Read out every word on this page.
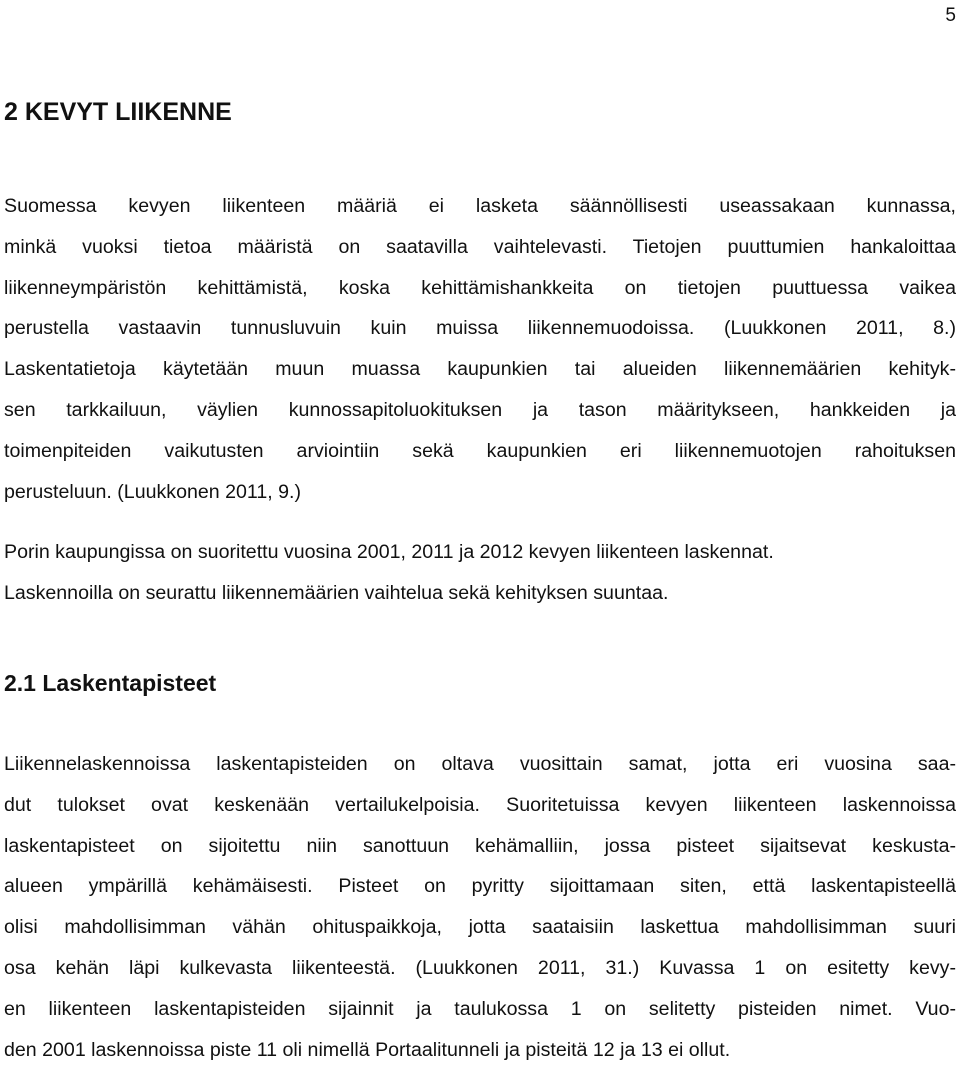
5
2 KEVYT LIIKENNE
Suomessa kevyen liikenteen määriä ei lasketa säännöllisesti useassakaan kunnassa,
minkä vuoksi tietoa määristä on saatavilla vaihtelevasti. Tietojen puuttumien hankaloittaa
liikenneympäristön kehittämistä, koska kehittämishankkeita on tietojen puuttuessa vaikea
perustella vastaavin tunnusluvuin kuin muissa liikennemuodoissa. (Luukkonen 2011, 8.)
Laskentatietoja käytetään muun muassa kaupunkien tai alueiden liikennemäärien kehityk-
sen tarkkailuun, väylien kunnossapitoluokituksen ja tason määritykseen, hankkeiden ja
toimenpiteiden vaikutusten arviointiin sekä kaupunkien eri liikennemuotojen rahoituksen
perusteluun. (Luukkonen 2011, 9.)
Porin kaupungissa on suoritettu vuosina 2001, 2011 ja 2012 kevyen liikenteen laskennat.
Laskennoilla on seurattu liikennemäärien vaihtelua sekä kehityksen suuntaa.
2.1 Laskentapisteet
Liikennelaskennoissa laskentapisteiden on oltava vuosittain samat, jotta eri vuosina saa-
dut tulokset ovat keskenään vertailukelpoisia. Suoritetuissa kevyen liikenteen laskennoissa
laskentapisteet on sijoitettu niin sanottuun kehämalliin, jossa pisteet sijaitsevat keskusta-
alueen ympärillä kehämäisesti. Pisteet on pyritty sijoittamaan siten, että laskentapisteellä
olisi mahdollisimman vähän ohituspaikkoja, jotta saataisiin laskettua mahdollisimman suuri
osa kehän läpi kulkevasta liikenteestä. (Luukkonen 2011, 31.) Kuvassa 1 on esitetty kevy-
en liikenteen laskentapisteiden sijainnit ja taulukossa 1 on selitetty pisteiden nimet. Vuo-
den 2001 laskennoissa piste 11 oli nimellä Portaalitunneli ja pisteitä 12 ja 13 ei ollut.
